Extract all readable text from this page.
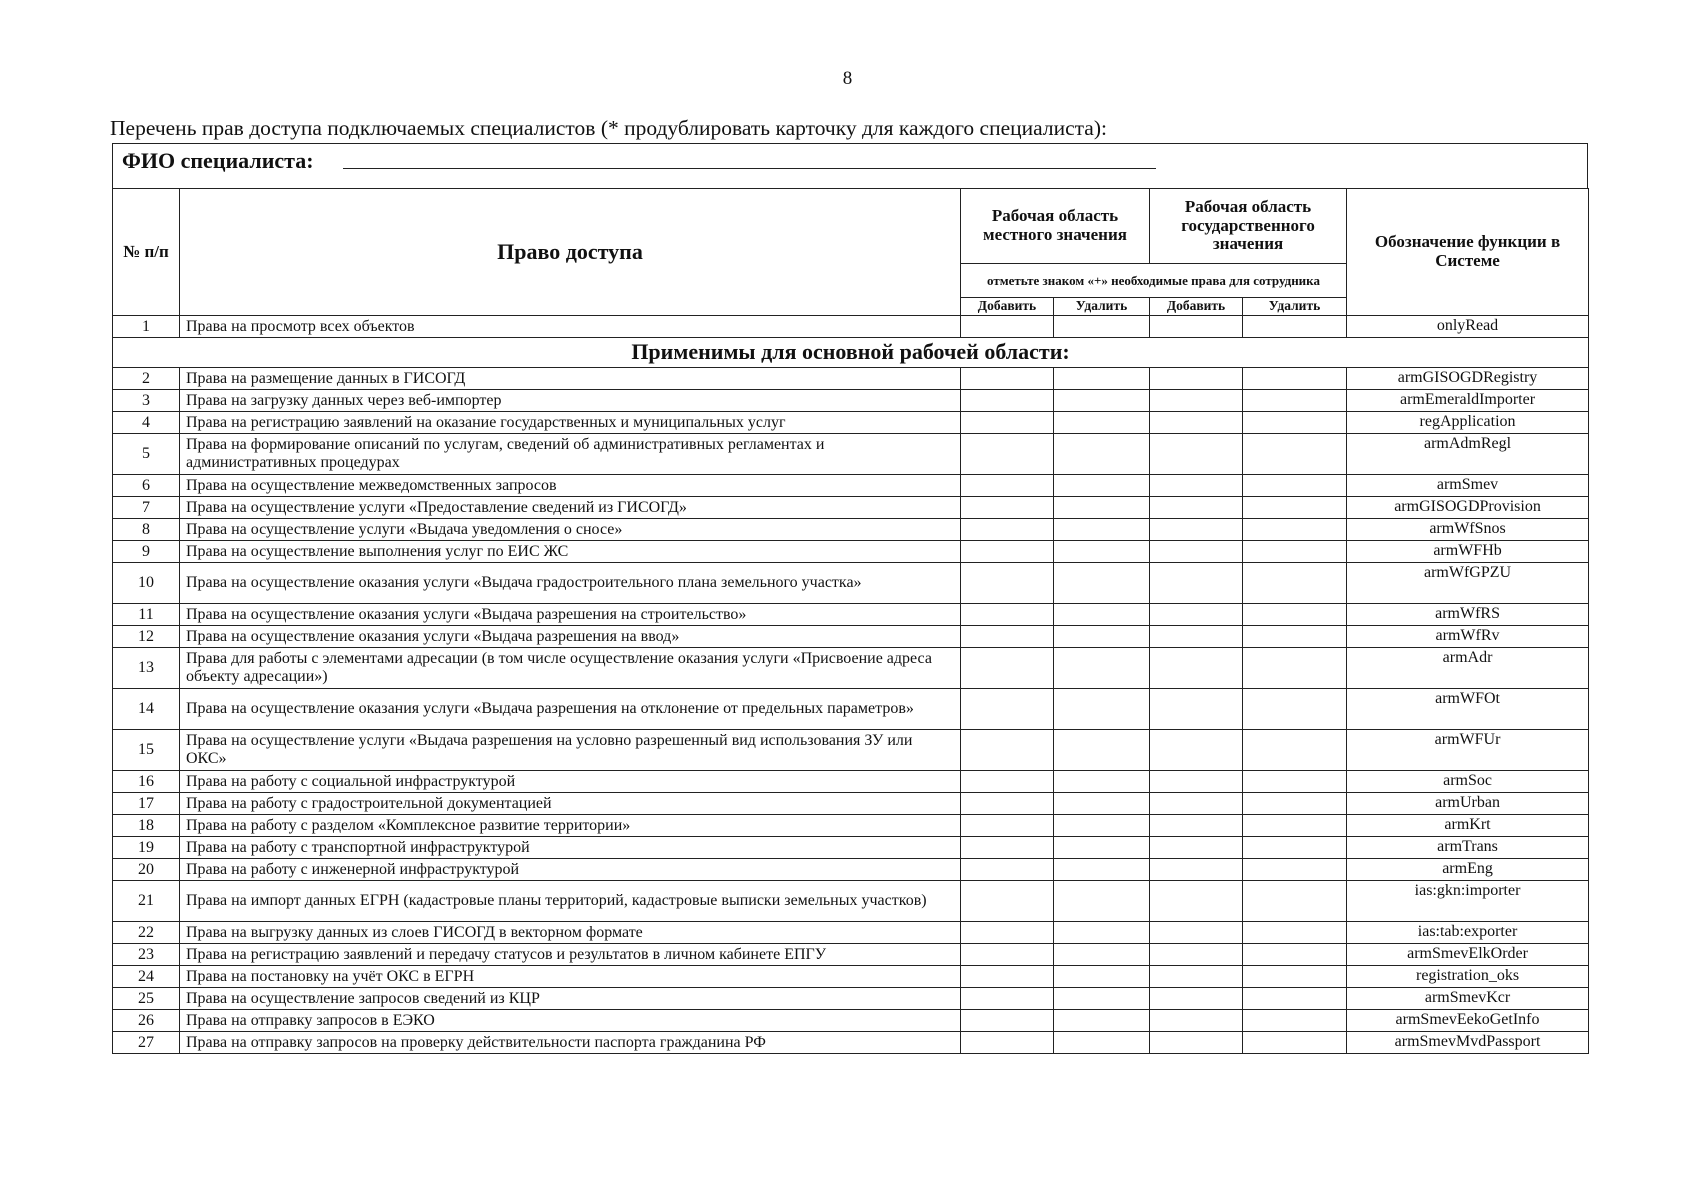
8
Перечень прав доступа подключаемых специалистов (* продублировать карточку для каждого специалиста):
ФИО специалиста:
№ п/п	Право доступа	Рабочая область местного значения		Рабочая область государственного значения		Обозначение функции в Системе
		отметьте знаком «+» необходимые права для сотрудника				
		Добавить	Удалить	Добавить	Удалить	
1	Права на просмотр всех объектов					onlyRead
Применимы для основной рабочей области:						
2	Права на размещение данных в ГИСОГД					armGISOGDRegistry
3	Права на загрузку данных через веб-импортер					armEmeraldImporter
4	Права на регистрацию заявлений на оказание государственных и муниципальных услуг					regApplication
5	Права на формирование описаний по услугам, сведений об административных регламентах и административных процедурах					armAdmRegl
6	Права на осуществление межведомственных запросов					armSmev
7	Права на осуществление услуги «Предоставление сведений из ГИСОГД»					armGISOGDProvision
8	Права на осуществление услуги «Выдача уведомления о сносе»					armWfSnos
9	Права на осуществление выполнения услуг по ЕИС ЖС					armWFHb
10	Права на осуществление оказания услуги «Выдача градостроительного плана земельного участка»					armWfGPZU
11	Права на осуществление оказания услуги «Выдача разрешения на строительство»					armWfRS
12	Права на осуществление оказания услуги «Выдача разрешения на ввод»					armWfRv
13	Права для работы с элементами адресации (в том числе осуществление оказания услуги «Присвоение адреса объекту адресации»)					armAdr
14	Права на осуществление оказания услуги «Выдача разрешения на отклонение от предельных параметров»					armWFOt
15	Права на осуществление услуги «Выдача разрешения на условно разрешенный вид использования ЗУ или ОКС»					armWFUr
16	Права на работу с социальной инфраструктурой					armSoc
17	Права на работу с градостроительной документацией					armUrban
18	Права на работу с разделом «Комплексное развитие территории»					armKrt
19	Права на работу с транспортной инфраструктурой					armTrans
20	Права на работу с инженерной инфраструктурой					armEng
21	Права на импорт данных ЕГРН (кадастровые планы территорий, кадастровые выписки земельных участков)					ias:gkn:importer
22	Права на выгрузку данных из слоев ГИСОГД в векторном формате					ias:tab:exporter
23	Права на регистрацию заявлений и передачу статусов и результатов в личном кабинете ЕПГУ					armSmevElkOrder
24	Права на постановку на учёт ОКС в ЕГРН					registration_oks
25	Права на осуществление запросов сведений из КЦР					armSmevKcr
26	Права на отправку запросов в ЕЭКО					armSmevEekoGetInfo
27	Права на отправку запросов на проверку действительности паспорта гражданина РФ					armSmevMvdPassport
